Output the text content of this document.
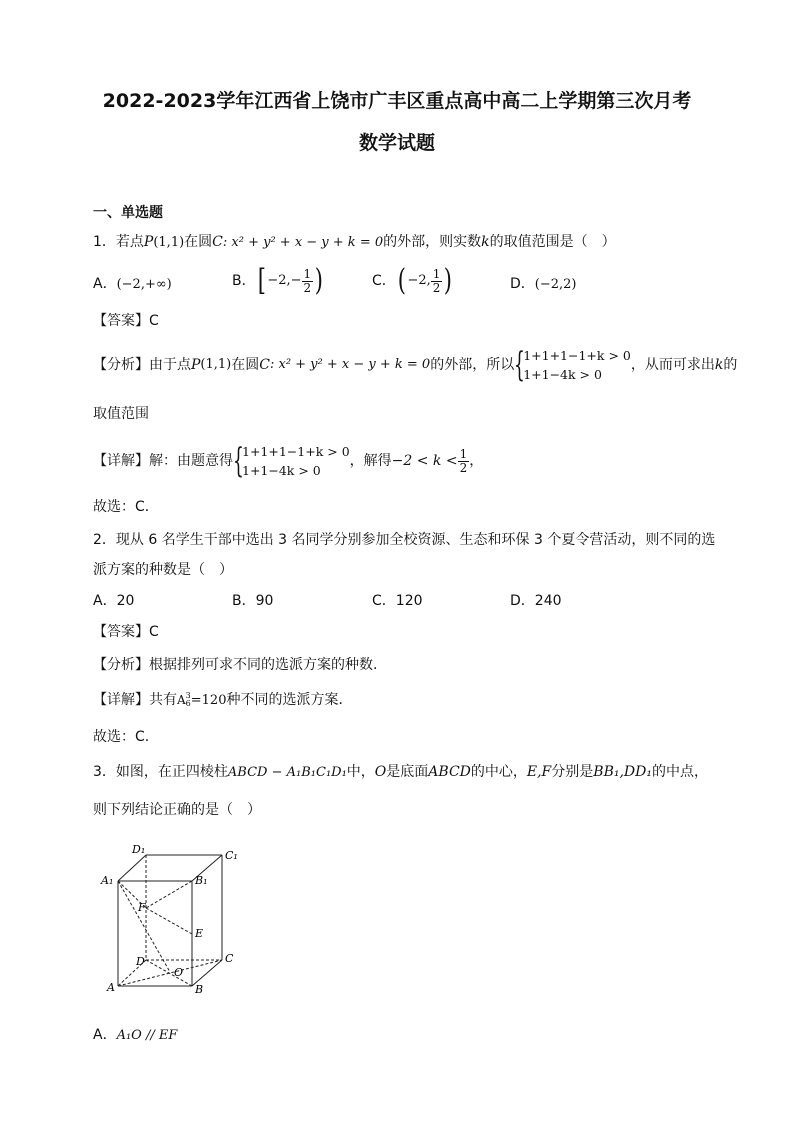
2022-2023学年江西省上饶市广丰区重点高中高二上学期第三次月考
数学试题
一、单选题
1．若点P(1,1)在圆C: x² + y² + x − y + k = 0的外部，则实数k的取值范围是（　）
A．(−2,+∞)	B．[ $-2,- \frac{1}{2}$ )	C．( −2, $\frac{1}{2}$ )	D．(−2,2)
【答案】C
【分析】由于点P(1,1)在圆C: x² + y² + x − y + k = 0的外部，所以 {
1+1+1−1+k > 0
1+1−4k > 0
，从而可求出k的
取值范围
【详解】解：由题意得 {
1+1+1−1+k > 0
1+1−4k > 0
，解得$-2 < k < \frac{1}{2}$ ，
故选：C．
2．现从 6 名学生干部中选出 3 名同学分别参加全校资源、生态和环保 3 个夏令营活动，则不同的选
派方案的种数是（　）
A．20	B．90	C．120	D．240
【答案】C
【分析】根据排列可求不同的选派方案的种数.
【详解】共有A 3
6 =120种不同的选派方案．
故选：C.
3．如图，在正四棱柱ABCD − A₁B₁C₁D₁中，O是底面ABCD的中心，E,F分别是BB₁,DD₁的中点，
则下列结论正确的是（　）
D₁	C₁
A₁	B₁
F
E
D
O
C
A	B
A．A₁O // EF
